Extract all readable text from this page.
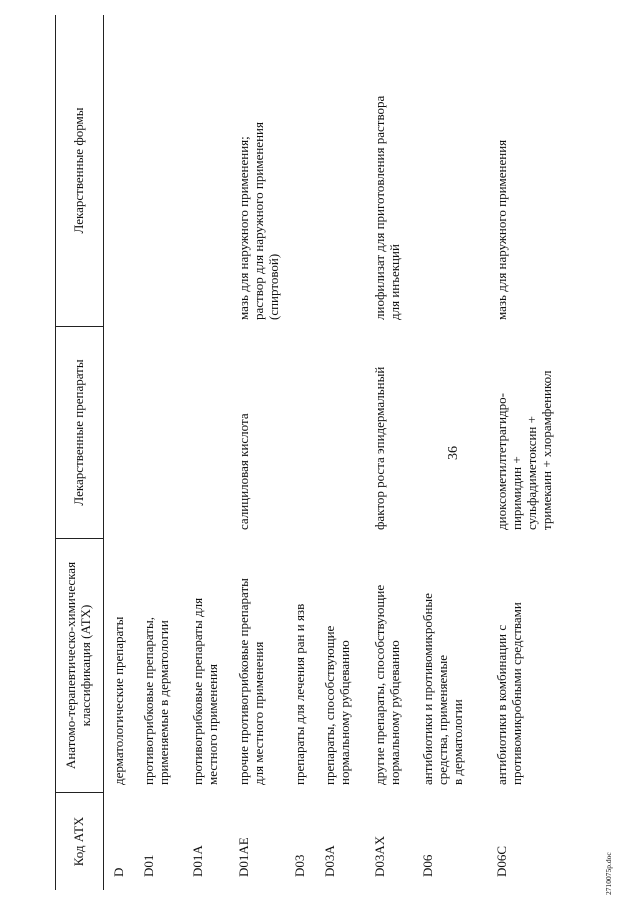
36
2710075р.doc
Код АТХ
Анатомо-терапевтическо-химическая
классификация (АТХ)
Лекарственные препараты
Лекарственные формы
D
дерматологические препараты
D01
противогрибковые препараты,
применяемые в дерматологии
D01A
противогрибковые препараты для
местного применения
D01AE
прочие противогрибковые препараты
для местного применения
салициловая кислота
мазь для наружного применения;
раствор для наружного применения
(спиртовой)
D03
препараты для лечения ран и язв
D03A
препараты, способствующие
нормальному рубцеванию
D03AX
другие препараты, способствующие
нормальному рубцеванию
фактор роста эпидермальный
лиофилизат для приготовления раствора
для инъекций
D06
антибиотики и противомикробные
средства, применяемые
в дерматологии
D06C
антибиотики в комбинации с
противомикробными средствами
диоксометилтетрагидро-
пиримидин +
сульфадиметоксин +
тримекаин + хлорамфеникол
мазь для наружного применения
